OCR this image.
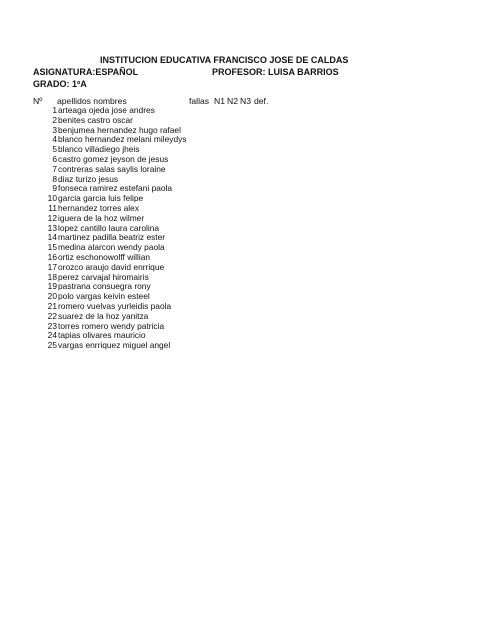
INSTITUCION EDUCATIVA FRANCISCO JOSE DE CALDAS
ASIGNATURA:ESPAÑOL	PROFESOR: LUISA BARRIOS
GRADO: 1ºA
Nº apellidos nombres	fallas N1 N2 N3 def.
1 arteaga ojeda jose andres
2 benites castro oscar
3 benjumea hernandez hugo rafael
4 blanco hernandez melani mileydys
5 blanco villadiego jheis
6 castro gomez jeyson de jesus
7 contreras salas saylis loraine
8 diaz turizo jesus
9 fonseca ramirez estefani paola
10 garcia garcia luis felipe
11 hernandez torres alex
12 iguera de la hoz wilmer
13 lopez cantillo laura carolina
14 martinez padilla beatriz ester
15 medina alarcon wendy paola
16 ortiz eschonowolff willian
17 orozco araujo david enrrique
18 perez carvajal hiromairis
19 pastrana consuegra rony
20 polo vargas keivin esteel
21 romero vuelvas yurleidis paola
22 suarez de la hoz yanitza
23 torres romero wendy patricia
24 tapias olivares mauricio
25 vargas enrriquez miguel angel
